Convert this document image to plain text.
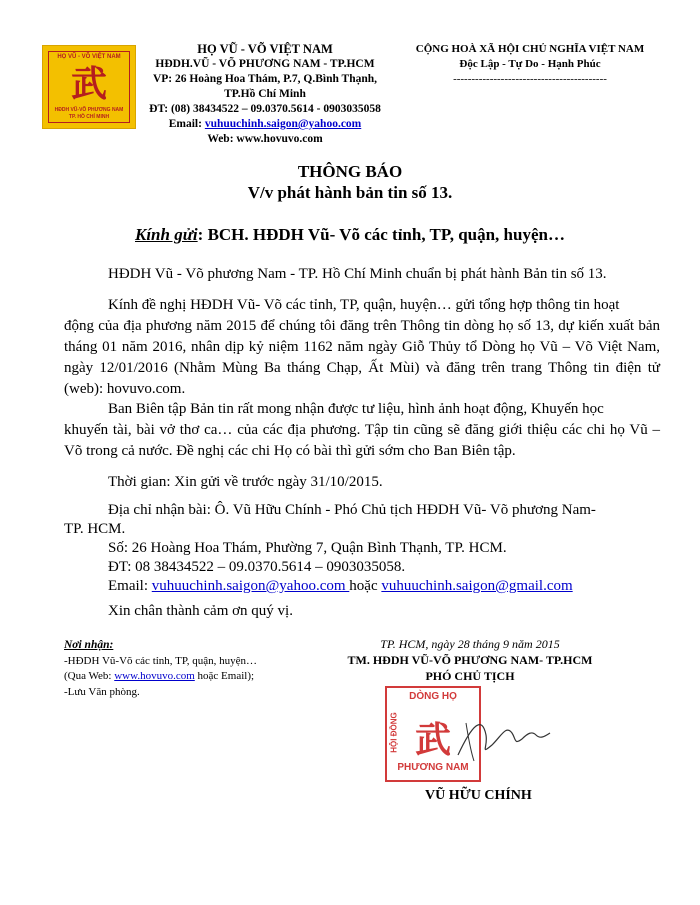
HỌ VŨ - VÕ VIỆT NAM
武
HĐDH VŨ-VÕ PHƯƠNG NAM
TP. HỒ CHÍ MINH
HỌ VŨ - VÕ VIỆT NAM
HĐDH.VŨ - VÕ PHƯƠNG NAM - TP.HCM
VP: 26 Hoàng Hoa Thám, P.7, Q.Bình Thạnh,
TP.Hồ Chí Minh
ĐT: (08) 38434522 – 09.0370.5614 - 0903035058
Email: vuhuuchinh.saigon@yahoo.com
Web: www.hovuvo.com
CỘNG HOÀ XÃ HỘI CHỦ NGHĨA VIỆT NAM
Độc Lập - Tự Do - Hạnh Phúc
------------------------------------------
THÔNG BÁO
V/v phát hành bản tin số 13.
Kính gửi: BCH. HĐDH Vũ- Võ các tỉnh, TP, quận, huyện…
HĐDH Vũ - Võ phương Nam - TP. Hồ Chí Minh chuẩn bị phát hành Bản tin số 13.
Kính đề nghị HĐDH Vũ- Võ các tỉnh, TP, quận, huyện… gửi tổng hợp thông tin hoạt
động của địa phương năm 2015 để chúng tôi đăng trên Thông tin dòng họ số 13, dự kiến xuất bản tháng 01 năm 2016, nhân dịp kỷ niệm 1162 năm ngày Giỗ Thủy tổ Dòng họ Vũ – Võ Việt Nam, ngày 12/01/2016 (Nhằm Mùng Ba tháng Chạp, Ất Mùi) và đăng trên trang Thông tin điện tử (web): hovuvo.com.
Ban Biên tập Bản tin rất mong nhận được tư liệu, hình ảnh hoạt động, Khuyến học
khuyến tài, bài vở thơ ca… của các địa phương. Tập tin cũng sẽ đăng giới thiệu các chi họ Vũ – Võ trong cả nước. Đề nghị các chi Họ có bài thì gửi sớm cho Ban Biên tập.
Thời gian: Xin gửi về trước ngày 31/10/2015.
Địa chỉ nhận bài: Ô. Vũ Hữu Chính - Phó Chủ tịch HĐDH Vũ- Võ phương Nam-
TP. HCM.
Số: 26 Hoàng Hoa Thám, Phường 7, Quận Bình Thạnh, TP. HCM.
ĐT: 08 38434522 – 09.0370.5614 – 0903035058.
Email: vuhuuchinh.saigon@yahoo.com hoặc vuhuuchinh.saigon@gmail.com
Xin chân thành cảm ơn quý vị.
Nơi nhận:
-HĐDH Vũ-Võ các tỉnh, TP, quận, huyện…
(Qua Web: www.hovuvo.com hoặc Email);
-Lưu Văn phòng.
TP. HCM, ngày 28 tháng 9 năm 2015
TM. HĐDH VŨ-VÕ PHƯƠNG NAM- TP.HCM
PHÓ CHỦ TỊCH
DÒNG HỌ
HỘI ĐỒNG 武
PHƯƠNG NAM
VŨ HỮU CHÍNH
